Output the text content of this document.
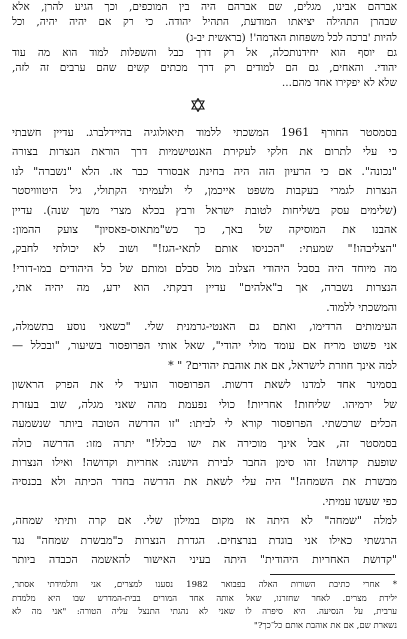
אברהם אבינו, מגלים, שם אברהם היה בין המוכפים, וכך הגיע להרן, אלא
שבהרן התהילה יציאתו המודעת, התהיל יהודה. כי רק אם יהיה יהיה, וכל
להיות 'ברכה לכל משפחות האדמה'! (בראשית יב-ג)
גם יוסף הוא יחידנותכלה, אל רק דרך כבל והשפלות למוד הוא מה עוד
יהודי. והאחים, גם הם למודים רק דרך מכתים קשים שהם ערבים זה לזה,
שלא לא יפקירו אחד מהם...
בסמסטר החורף 1961 המשכתי ללמוד תיאולוגיה בהיידלברג. עדיין חשבתי
כי עלי לתרום את חלקי לעקירת האנטישמיות דרך הוראת הנצרות בצורה
"נכונה". אם כי הרעיון הזה היה בחינת אבסורד כבר אז. הלא "נשברה" לנו
הנצרות לגמרי בעקבות משפט אייכמן, לי ולעמיתי הקתולי, גיל היטווויסטר
(שלימים עסק בשליחות לטובת ישראל ורבץ בכלא מצרי משך שנה). עדיין
אהבנו את המוסיקה של באך, כך כש"מתאוס-פאסיון" צועק ההמון:
"הצליבהו!" שמעתי: "הכניסו אותם לתאי-הגז!" ושוב לא יכולתי לחבק,
מה מיוחד היה בסבל היהודי הצלוב מול סבלם ומותם של כל היהודים במו-דורי!
הנצרות נשברה, אך ב"אלהים" עדיין דבקתי. הוא ידע, מה יהיה אתי,
והמשכתי ללמוד.
העימותים הרדימו, ואתם גם האנטי-גרמנית שלי. "כשאני נוסע בתשמלה,
אני פשוט מריח אם עומד מולי יהודי", שאל אותי הפרופסור בשיעור, "ובכלל —
למה אינך חוזרת לישראל, אם את אוהבת יהודים? " *
בסמינר אחד למדנו לשאת דרשות. הפרופסור הועיד לי את הפרק הראשון
של ירמיהו. שליחות! אחריות! כולי נפעמת מהה שאני מגלה, שוב בעזרת
הכלים שרכשתי. הפרופסור קורא לי לביתו: "זו הדרשה הטובה ביותר שנשמעה
בסמסטר זה, אבל אינך מוכירה את ישו בכלל!" יתרה מזו: הדרשה כולה
שופעת קדושה! זהו סימן החבר לבירת הישנה: אחריות וקדושה! ואילו הנצרות
מבשרת את השמחה!" היה עלי לשאת את הדרשה בחדר הכיתה ולא בכנסיה
כפי שעשו עמיתי.
למלה "שמחה" לא היתה אז מקום במילון שלי. אם קרה ותיתי שמחה,
הרגשתי כאילו אני בוגדת בנרצחים. הגדרת הנצרות כ"מבשרת שמחה" נגד
"קדושת האחריות היהודית" היתה בעיני האישור להאשמה הכבדה ביותר
* אחרי כתיבת השורות האלה בפבואר 1982 נסענו למצרים, אני ותלמידתי אסתר,
ילידת מצרים. לאחר שחזרנו, שאל אותה אחד המורים בבית-המדרש שבו היא מלמדת
ערבית, על הנסיעה. היא סיפרה לו שאני לא נהגתי התנצל עליה הטורה: "אני מה לא
נשארת שם, אם את אוהבת אותם כל־כך?"
